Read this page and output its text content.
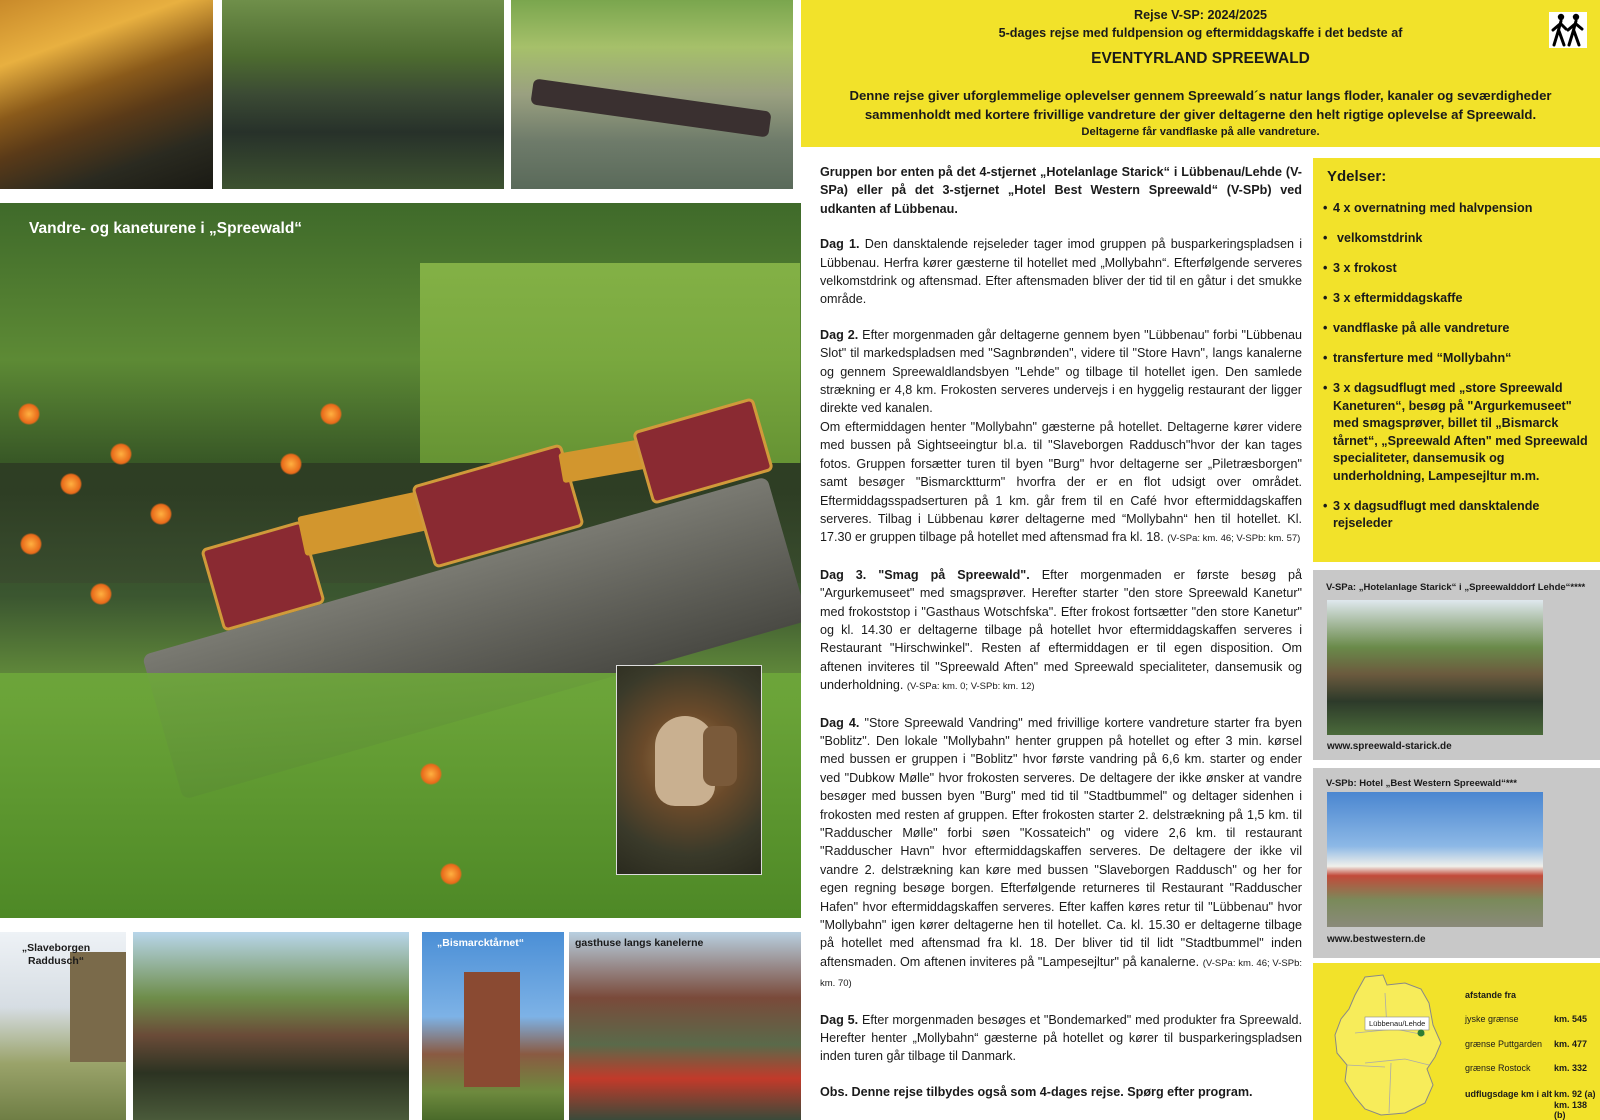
Vandre- og kaneturene i „Spreewald“
„Slaveborgen Raddusch“
„Bismarcktårnet“	gasthuse langs kanelerne
Rejse V-SP: 2024/2025
5-dages rejse med fuldpension og eftermiddagskaffe i det bedste af
EVENTYRLAND SPREEWALD
Denne rejse giver uforglemmelige oplevelser gennem Spreewald´s natur langs floder, kanaler og seværdigheder
sammenholdt med kortere frivillige vandreture der giver deltagerne den helt rigtige oplevelse af Spreewald.
Deltagerne får vandflaske på alle vandreture.

Gruppen bor enten på det 4-stjernet „Hotelanlage Starick“ i Lübbenau/Lehde (V-SPa) eller på det 3-stjernet „Hotel Best Western Spreewald“ (V-SPb) ved udkanten af Lübbenau.

Dag 1. Den dansktalende rejseleder tager imod gruppen på busparkeringspladsen i Lübbenau. Herfra kører gæsterne til hotellet med „Mollybahn“. Efterfølgende serveres velkomstdrink og aftensmad. Efter aftensmaden bliver der tid til en gåtur i det smukke område.

Dag 2. Efter morgenmaden går deltagerne gennem byen "Lübbenau" forbi "Lübbenau Slot" til markedspladsen med "Sagnbrønden", videre til "Store Havn", langs kanalerne og gennem Spreewaldlandsbyen "Lehde" og tilbage til hotellet igen. Den samlede strækning er 4,8 km. Frokosten serveres undervejs i en hyggelig restaurant der ligger direkte ved kanalen.

Om eftermiddagen henter "Mollybahn" gæsterne på hotellet. Deltagerne kører videre med bussen på Sightseeingtur bl.a. til "Slaveborgen Raddusch"hvor der kan tages fotos. Gruppen forsætter turen til byen "Burg" hvor deltagerne ser „Piletræsborgen" samt besøger "Bismarcktturm" hvorfra der er en flot udsigt over området. Eftermiddagsspadserturen på 1 km. går frem til en Café hvor eftermiddagskaffen serveres. Tilbag i Lübbenau kører deltagerne med “Mollybahn“ hen til hotellet. Kl. 17.30 er gruppen tilbage på hotellet med aftensmad fra kl. 18. (V-SPa: km. 46; V-SPb: km. 57)

Dag 3. "Smag på Spreewald". Efter morgenmaden er første besøg på "Argurkemuseet" med smagsprøver. Herefter starter "den store Spreewald Kanetur" med frokoststop i "Gasthaus Wotschfska". Efter frokost fortsætter "den store Kanetur" og kl. 14.30 er deltagerne tilbage på hotellet hvor eftermiddagskaffen serveres i Restaurant "Hirschwinkel". Resten af eftermiddagen er til egen disposition. Om aftenen inviteres til "Spreewald Aften" med Spreewald specialiteter, dansemusik og underholdning. (V-SPa: km. 0; V-SPb: km. 12)

Dag 4. "Store Spreewald Vandring" med frivillige kortere vandreture starter fra byen "Boblitz". Den lokale "Mollybahn" henter gruppen på hotellet og efter 3 min. kørsel med bussen er gruppen i "Boblitz" hvor første vandring på 6,6 km. starter og ender ved "Dubkow Mølle" hvor frokosten serveres. De deltagere der ikke ønsker at vandre besøger med bussen byen "Burg" med tid til "Stadtbummel" og deltager sidenhen i frokosten med resten af gruppen. Efter frokosten starter 2. delstrækning på 1,5 km. til "Radduscher Mølle" forbi søen "Kossateich" og videre 2,6 km. til restaurant "Radduscher Havn" hvor eftermiddagskaffen serveres. De deltagere der ikke vil vandre 2. delstrækning kan køre med bussen "Slaveborgen Raddusch" og her for egen regning besøge borgen. Efterfølgende returneres til Restaurant "Radduscher Hafen" hvor eftermiddagskaffen serveres. Efter kaffen køres retur til "Lübbenau" hvor "Mollybahn" igen kører deltagerne hen til hotellet. Ca. kl. 15.30 er deltagerne tilbage på hotellet med aftensmad fra kl. 18. Der bliver tid til lidt "Stadtbummel" inden aftensmaden. Om aftenen inviteres på "Lampesejltur" på kanalerne. (V-SPa: km. 46; V-SPb: km. 70)

Dag 5. Efter morgenmaden besøges et "Bondemarked" med produkter fra Spreewald. Herefter henter „Mollybahn“ gæsterne på hotellet og kører til busparkeringspladsen inden turen går tilbage til Danmark.

Obs. Denne rejse tilbydes også som 4-dages rejse. Spørg efter program.

Ydelser:
• 4 x overnatning med halvpension
• velkomstdrink
• 3 x frokost
• 3 x eftermiddagskaffe
• vandflaske på alle vandreture
• transferture med “Mollybahn“
• 3 x dagsudflugt med „store Spreewald Kaneturen“, besøg på "Argurkemuseet" med smagsprøver, billet til „Bismarck tårnet“, „Spreewald Aften" med Spreewald specialiteter, dansemusik og underholdning, Lampesejltur m.m.
• 3 x dagsudflugt med dansktalende rejseleder
V-SPa: „Hotelanlage Starick“ i „Spreewalddorf Lehde“****
www.spreewald-starick.de
V-SPb: Hotel „Best Western Spreewald“***
www.bestwestern.de
Lübbenau/Lehde
afstande fra
jyske grænse	km. 545
grænse Puttgarden km. 477
grænse Rostock	km. 332
udflugsdage km i alt km. 92 (a)
km. 138 (b)
